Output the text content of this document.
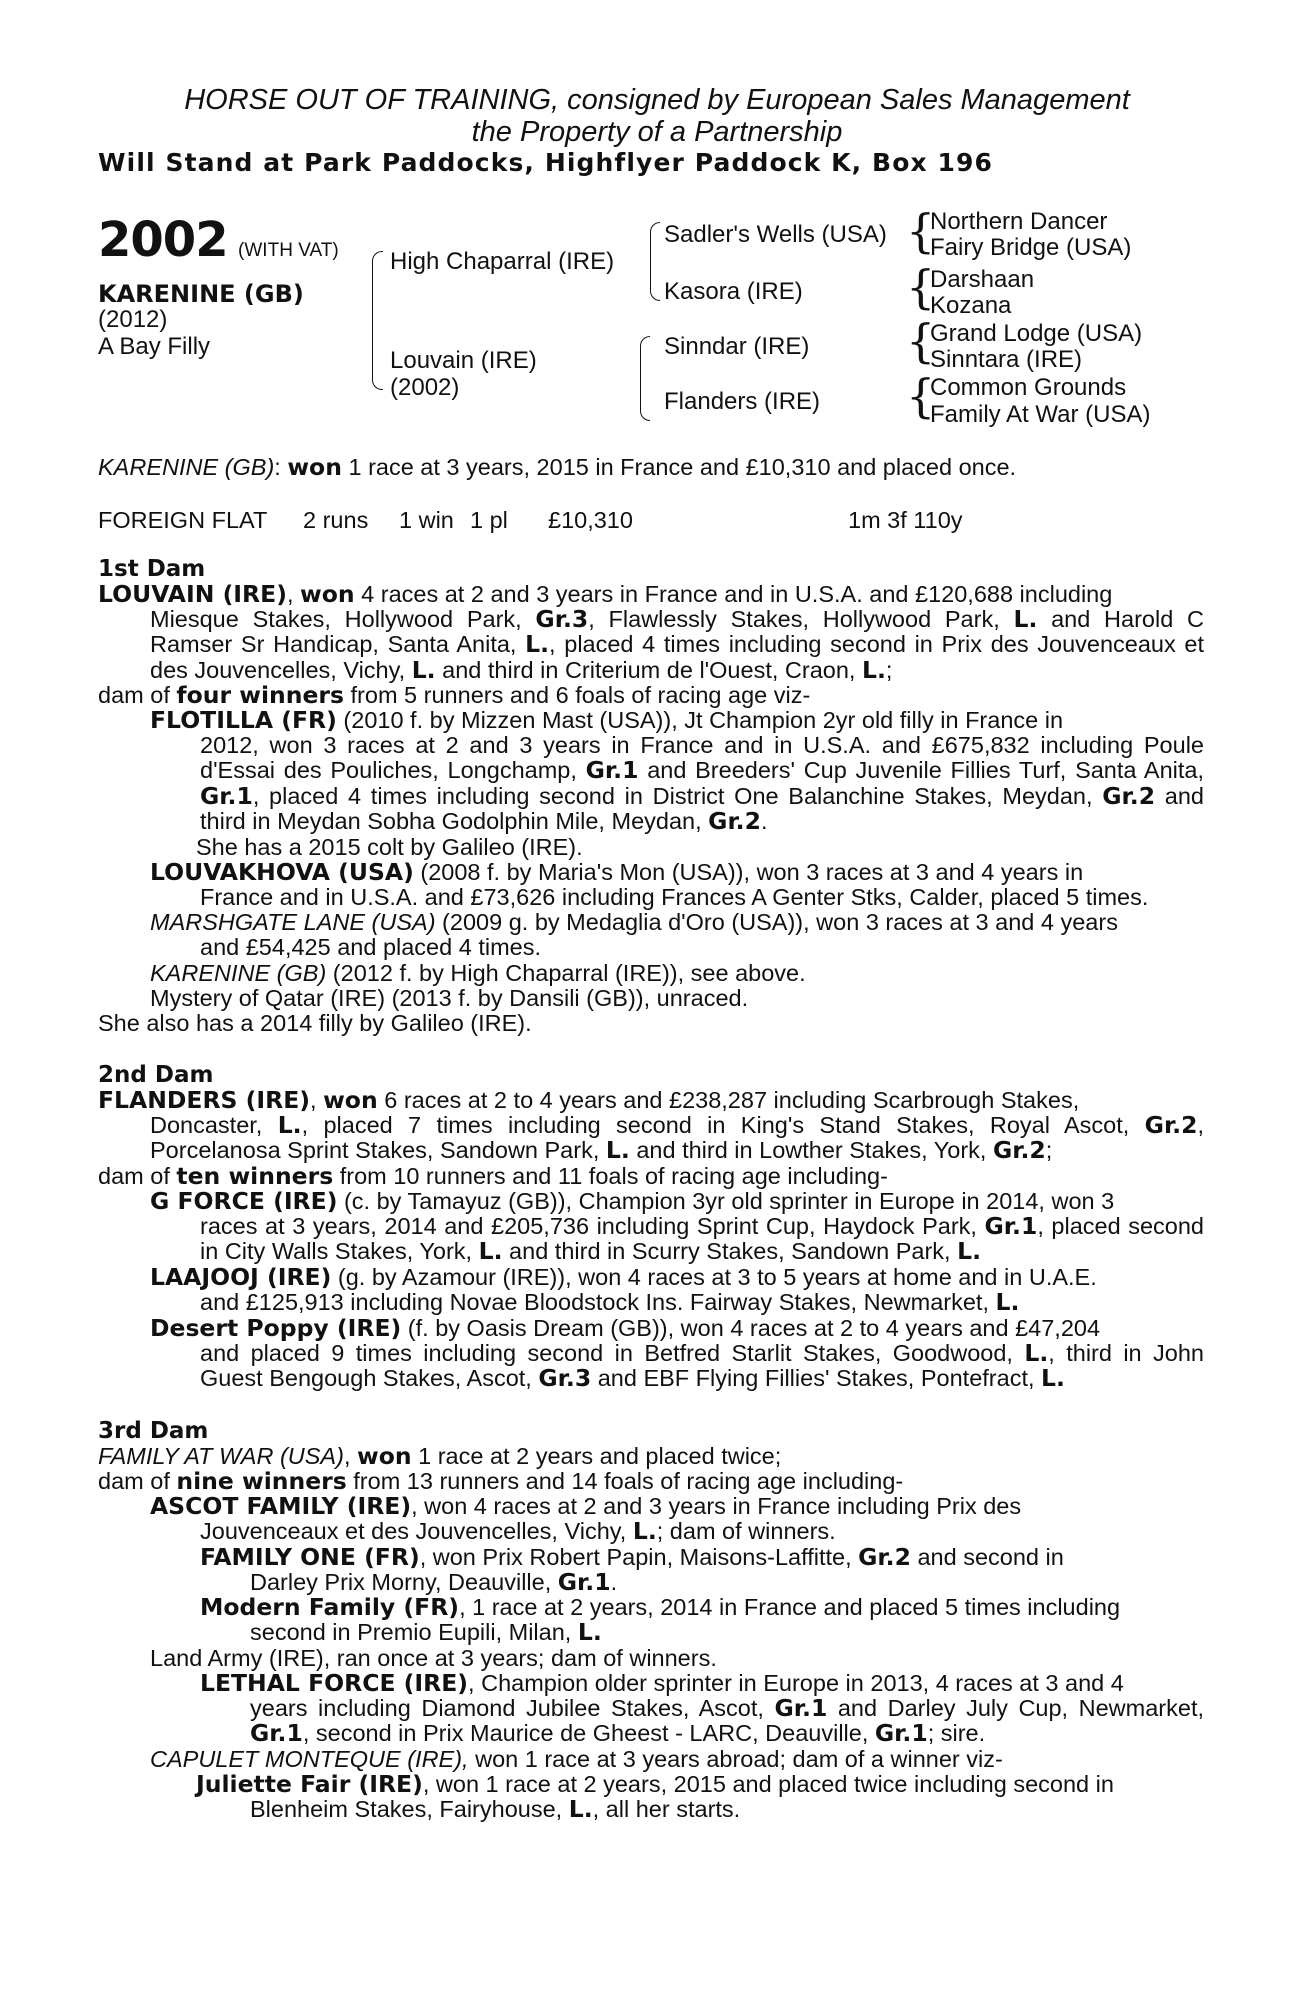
HORSE OUT OF TRAINING, consigned by European Sales Management
the Property of a Partnership
Will Stand at Park Paddocks, Highflyer Paddock K, Box 196
2002 (WITH VAT)
KARENINE (GB)
(2012)
A Bay Filly
High Chaparral (IRE)
Louvain (IRE)
(2002)
Sadler's Wells (USA)
Kasora (IRE)
Sinndar (IRE)
Flanders (IRE)
{
{
{
{
Northern Dancer
Fairy Bridge (USA)
Darshaan
Kozana
Grand Lodge (USA)
Sinntara (IRE)
Common Grounds
Family At War (USA)
KARENINE (GB): won 1 race at 3 years, 2015 in France and £10,310 and placed once.
FOREIGN FLAT 2 runs 1 win 1 pl £10,310	1m 3f 110y
1st Dam
LOUVAIN (IRE), won 4 races at 2 and 3 years in France and in U.S.A. and £120,688 including
Miesque Stakes, Hollywood Park, Gr.3, Flawlessly Stakes, Hollywood Park, L. and Harold C Ramser Sr Handicap, Santa Anita, L., placed 4 times including second in Prix des Jouvenceaux et des Jouvencelles, Vichy, L. and third in Criterium de l'Ouest, Craon, L.;
dam of four winners from 5 runners and 6 foals of racing age viz-
FLOTILLA (FR) (2010 f. by Mizzen Mast (USA)), Jt Champion 2yr old filly in France in
2012, won 3 races at 2 and 3 years in France and in U.S.A. and £675,832 including Poule d'Essai des Pouliches, Longchamp, Gr.1 and Breeders' Cup Juvenile Fillies Turf, Santa Anita, Gr.1, placed 4 times including second in District One Balanchine Stakes, Meydan, Gr.2 and third in Meydan Sobha Godolphin Mile, Meydan, Gr.2.
She has a 2015 colt by Galileo (IRE).
LOUVAKHOVA (USA) (2008 f. by Maria's Mon (USA)), won 3 races at 3 and 4 years in
France and in U.S.A. and £73,626 including Frances A Genter Stks, Calder, placed 5 times.
MARSHGATE LANE (USA) (2009 g. by Medaglia d'Oro (USA)), won 3 races at 3 and 4 years
and £54,425 and placed 4 times.
KARENINE (GB) (2012 f. by High Chaparral (IRE)), see above.
Mystery of Qatar (IRE) (2013 f. by Dansili (GB)), unraced.
She also has a 2014 filly by Galileo (IRE).
2nd Dam
FLANDERS (IRE), won 6 races at 2 to 4 years and £238,287 including Scarbrough Stakes,
Doncaster, L., placed 7 times including second in King's Stand Stakes, Royal Ascot, Gr.2, Porcelanosa Sprint Stakes, Sandown Park, L. and third in Lowther Stakes, York, Gr.2;
dam of ten winners from 10 runners and 11 foals of racing age including-
G FORCE (IRE) (c. by Tamayuz (GB)), Champion 3yr old sprinter in Europe in 2014, won 3
races at 3 years, 2014 and £205,736 including Sprint Cup, Haydock Park, Gr.1, placed second in City Walls Stakes, York, L. and third in Scurry Stakes, Sandown Park, L.
LAAJOOJ (IRE) (g. by Azamour (IRE)), won 4 races at 3 to 5 years at home and in U.A.E.
and £125,913 including Novae Bloodstock Ins. Fairway Stakes, Newmarket, L.
Desert Poppy (IRE) (f. by Oasis Dream (GB)), won 4 races at 2 to 4 years and £47,204
and placed 9 times including second in Betfred Starlit Stakes, Goodwood, L., third in John Guest Bengough Stakes, Ascot, Gr.3 and EBF Flying Fillies' Stakes, Pontefract, L.
3rd Dam
FAMILY AT WAR (USA), won 1 race at 2 years and placed twice;
dam of nine winners from 13 runners and 14 foals of racing age including-
ASCOT FAMILY (IRE), won 4 races at 2 and 3 years in France including Prix des
Jouvenceaux et des Jouvencelles, Vichy, L.; dam of winners.
FAMILY ONE (FR), won Prix Robert Papin, Maisons-Laffitte, Gr.2 and second in
Darley Prix Morny, Deauville, Gr.1.
Modern Family (FR), 1 race at 2 years, 2014 in France and placed 5 times including
second in Premio Eupili, Milan, L.
Land Army (IRE), ran once at 3 years; dam of winners.
LETHAL FORCE (IRE), Champion older sprinter in Europe in 2013, 4 races at 3 and 4
years including Diamond Jubilee Stakes, Ascot, Gr.1 and Darley July Cup, Newmarket, Gr.1, second in Prix Maurice de Gheest - LARC, Deauville, Gr.1; sire.
CAPULET MONTEQUE (IRE), won 1 race at 3 years abroad; dam of a winner viz-
Juliette Fair (IRE), won 1 race at 2 years, 2015 and placed twice including second in
Blenheim Stakes, Fairyhouse, L., all her starts.
